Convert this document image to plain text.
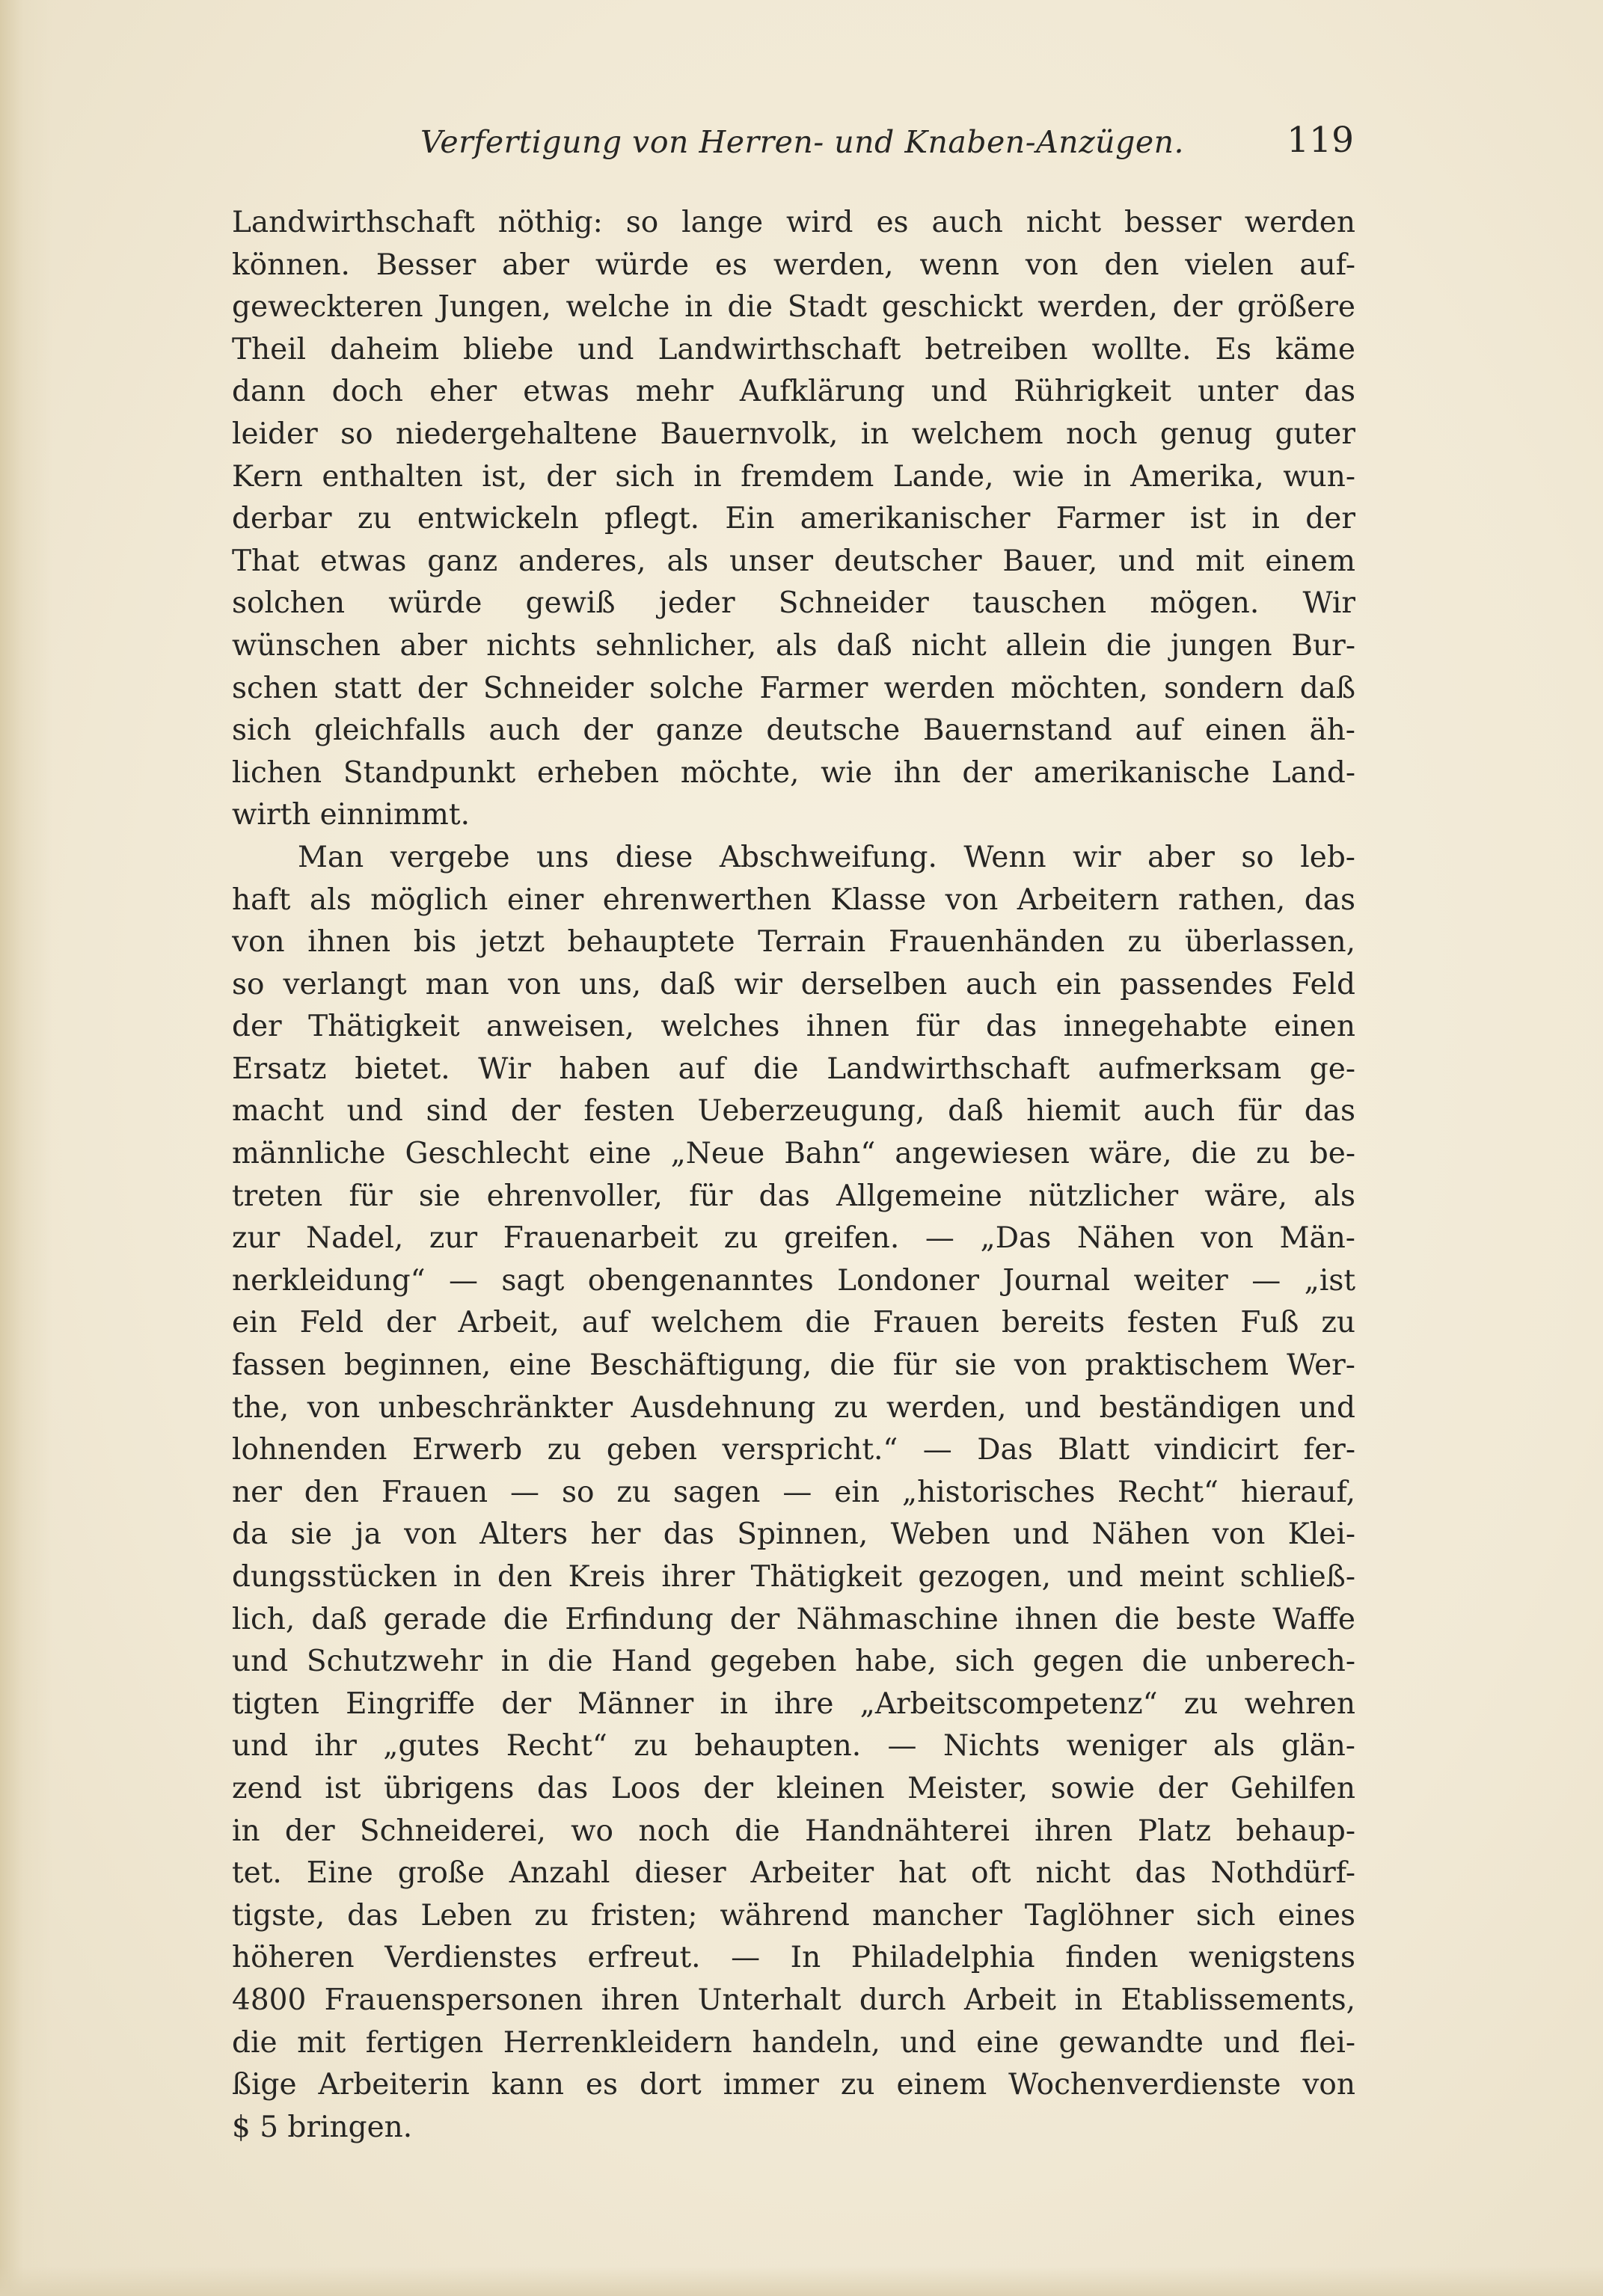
Verfertigung von Herren- und Knaben-Anzügen.	119
Landwirthschaft nöthig: so lange wird es auch nicht besser werden
können. Besser aber würde es werden, wenn von den vielen auf-
geweckteren Jungen, welche in die Stadt geschickt werden, der größere
Theil daheim bliebe und Landwirthschaft betreiben wollte. Es käme
dann doch eher etwas mehr Aufklärung und Rührigkeit unter das
leider so niedergehaltene Bauernvolk, in welchem noch genug guter
Kern enthalten ist, der sich in fremdem Lande, wie in Amerika, wun-
derbar zu entwickeln pflegt. Ein amerikanischer Farmer ist in der
That etwas ganz anderes, als unser deutscher Bauer, und mit einem
solchen würde gewiß jeder Schneider tauschen mögen. Wir
wünschen aber nichts sehnlicher, als daß nicht allein die jungen Bur-
schen statt der Schneider solche Farmer werden möchten, sondern daß
sich gleichfalls auch der ganze deutsche Bauernstand auf einen äh-
lichen Standpunkt erheben möchte, wie ihn der amerikanische Land-
wirth einnimmt.
Man vergebe uns diese Abschweifung. Wenn wir aber so leb-
haft als möglich einer ehrenwerthen Klasse von Arbeitern rathen, das
von ihnen bis jetzt behauptete Terrain Frauenhänden zu überlassen,
so verlangt man von uns, daß wir derselben auch ein passendes Feld
der Thätigkeit anweisen, welches ihnen für das innegehabte einen
Ersatz bietet. Wir haben auf die Landwirthschaft aufmerksam ge-
macht und sind der festen Ueberzeugung, daß hiemit auch für das
männliche Geschlecht eine „Neue Bahn“ angewiesen wäre, die zu be-
treten für sie ehrenvoller, für das Allgemeine nützlicher wäre, als
zur Nadel, zur Frauenarbeit zu greifen. — „Das Nähen von Män-
nerkleidung“ — sagt obengenanntes Londoner Journal weiter — „ist
ein Feld der Arbeit, auf welchem die Frauen bereits festen Fuß zu
fassen beginnen, eine Beschäftigung, die für sie von praktischem Wer-
the, von unbeschränkter Ausdehnung zu werden, und beständigen und
lohnenden Erwerb zu geben verspricht.“ — Das Blatt vindicirt fer-
ner den Frauen — so zu sagen — ein „historisches Recht“ hierauf,
da sie ja von Alters her das Spinnen, Weben und Nähen von Klei-
dungsstücken in den Kreis ihrer Thätigkeit gezogen, und meint schließ-
lich, daß gerade die Erfindung der Nähmaschine ihnen die beste Waffe
und Schutzwehr in die Hand gegeben habe, sich gegen die unberech-
tigten Eingriffe der Männer in ihre „Arbeitscompetenz“ zu wehren
und ihr „gutes Recht“ zu behaupten. — Nichts weniger als glän-
zend ist übrigens das Loos der kleinen Meister, sowie der Gehilfen
in der Schneiderei, wo noch die Handnähterei ihren Platz behaup-
tet. Eine große Anzahl dieser Arbeiter hat oft nicht das Nothdürf-
tigste, das Leben zu fristen; während mancher Taglöhner sich eines
höheren Verdienstes erfreut. — In Philadelphia finden wenigstens
4800 Frauenspersonen ihren Unterhalt durch Arbeit in Etablissements,
die mit fertigen Herrenkleidern handeln, und eine gewandte und flei-
ßige Arbeiterin kann es dort immer zu einem Wochenverdienste von
$ 5 bringen.
